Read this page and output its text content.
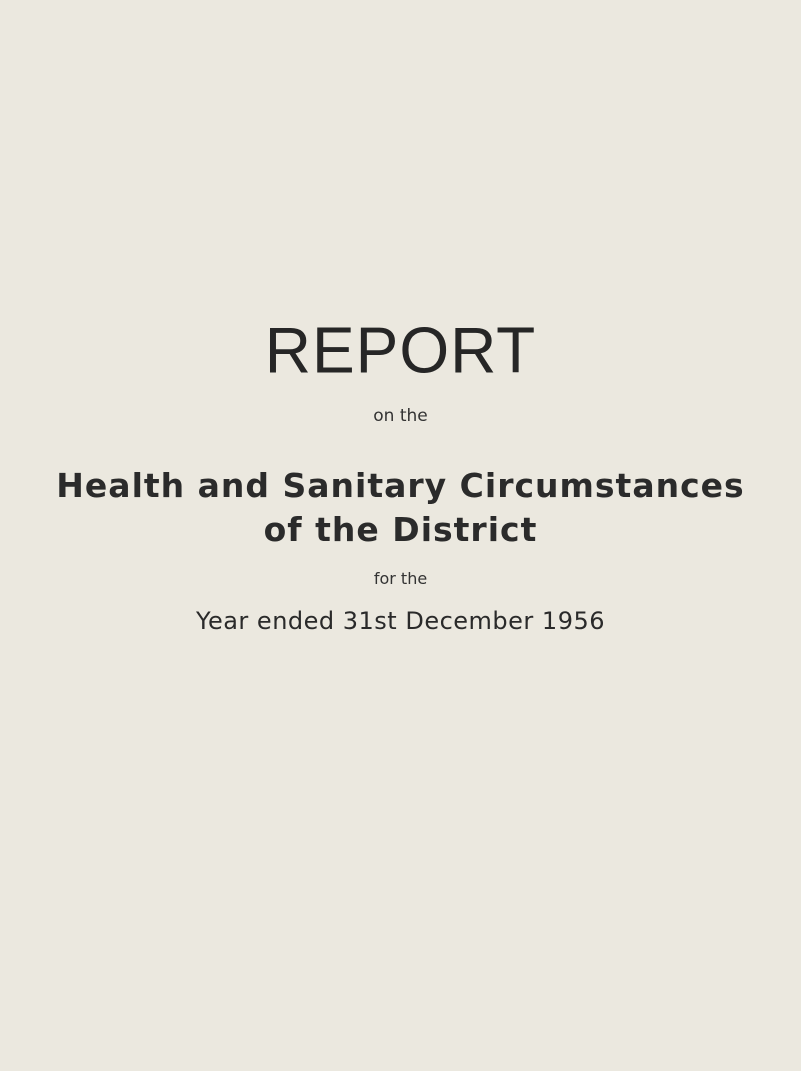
REPORT
on the
Health and Sanitary Circumstances
of the District
for the
Year ended 31st December 1956
